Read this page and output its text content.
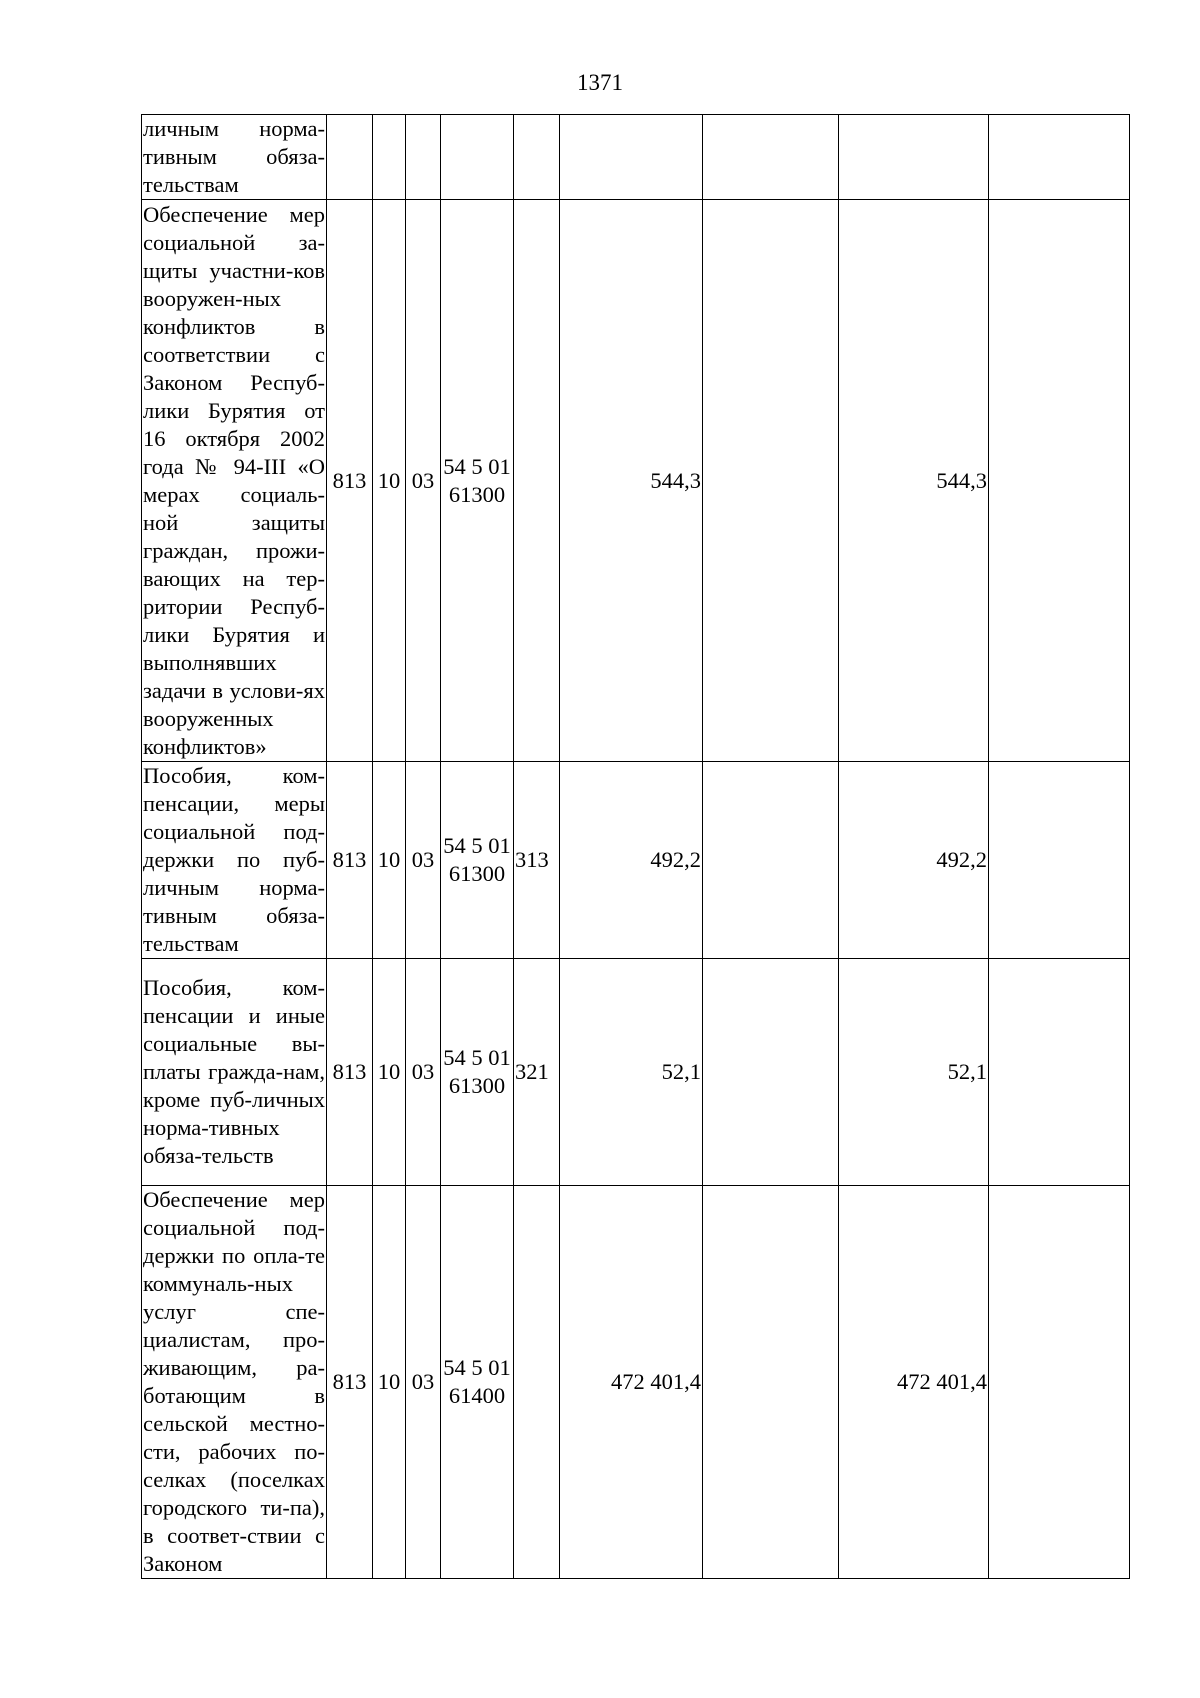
1371
личным норма-тивным обяза-тельствам									
Обеспечение мер социальной за-щиты участни-ков вооружен-ных конфликтов в соответствии с Законом Респуб-лики Бурятия от 16 октября 2002 года № 94-III «О мерах социаль-ной защиты граждан, прожи-вающих на тер-ритории Респуб-лики Бурятия и выполнявших задачи в услови-ях вооруженных конфликтов»	813	10	03	54 5 01 61300		544,3		544,3	
Пособия, ком-пенсации, меры социальной под-держки по пуб-личным норма-тивным обяза-тельствам	813	10	03	54 5 01 61300	313	492,2		492,2	
Пособия, ком-пенсации и иные социальные вы-платы гражда-нам, кроме пуб-личных норма-тивных обяза-тельств	813	10	03	54 5 01 61300	321	52,1		52,1	
Обеспечение мер социальной под-держки по опла-те коммуналь-ных услуг спе-циалистам, про-живающим, ра-ботающим в сельской местно-сти, рабочих по-селках (поселках городского ти-па), в соответ-ствии с Законом	813	10	03	54 5 01 61400		472 401,4		472 401,4	
